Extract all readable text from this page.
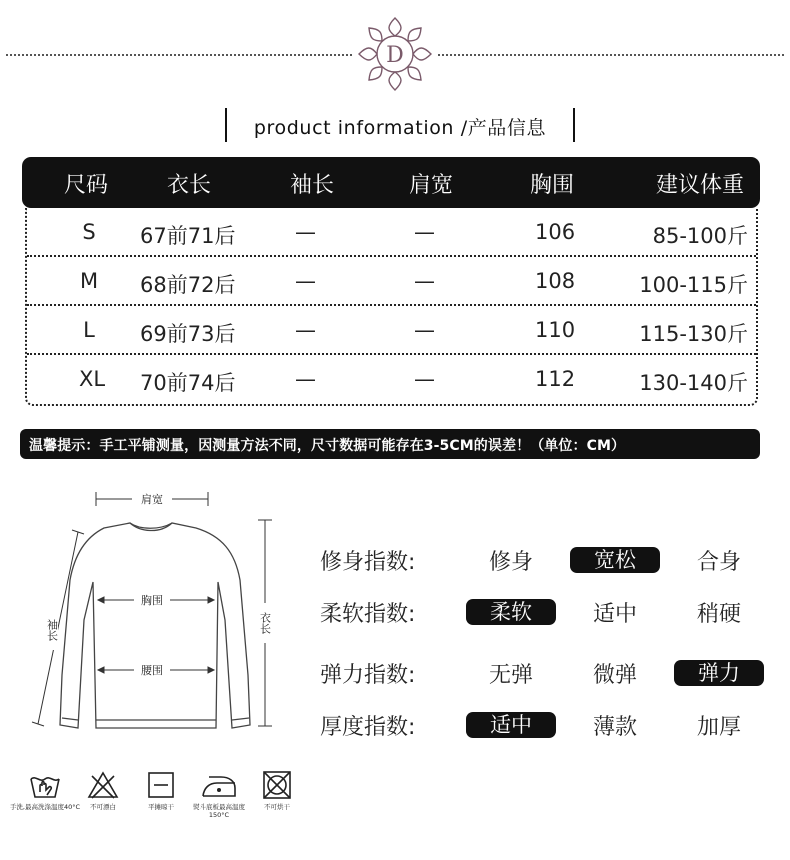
D
product information /产品信息
尺码	衣长	袖长	肩宽	胸围	建议体重
S 67前71后	—	—	106	85-100斤
M 68前72后	—	—	108	100-115斤
L 69前73后	—	—	110	115-130斤
XL 70前74后	—	—	112	130-140斤
温馨提示：手工平铺测量，因测量方法不同，尺寸数据可能存在3-5CM的误差！（单位：CM）
肩宽
胸围
腰围
袖长	衣长
修身指数:	修身	宽松	合身
柔软指数:	柔软	适中	稍硬
弹力指数:	无弹	微弹	弹力
厚度指数:	适中	薄款	加厚
手洗,最高洗涤温度40°C	不可漂白	平摊晾干	熨斗底板最高温度150°C
不可烘干
